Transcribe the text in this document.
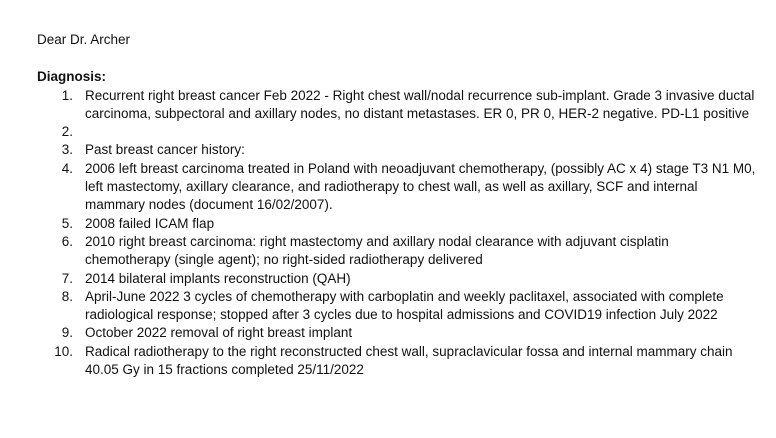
Dear Dr. Archer

Diagnosis:

1. Recurrent right breast cancer Feb 2022 - Right chest wall/nodal recurrence sub-implant. Grade 3 invasive ductal carcinoma, subpectoral and axillary nodes, no distant metastases. ER 0, PR 0, HER-2 negative. PD-L1 positive
2.

3. Past breast cancer history:
4. 2006 left breast carcinoma treated in Poland with neoadjuvant chemotherapy, (possibly AC x 4) stage T3 N1 M0, left mastectomy, axillary clearance, and radiotherapy to chest wall, as well as axillary, SCF and internal mammary nodes (document 16/02/2007).
5. 2008 failed ICAM flap
6. 2010 right breast carcinoma: right mastectomy and axillary nodal clearance with adjuvant cisplatin chemotherapy (single agent); no right-sided radiotherapy delivered
7. 2014 bilateral implants reconstruction (QAH)
8. April-June 2022 3 cycles of chemotherapy with carboplatin and weekly paclitaxel, associated with complete radiological response; stopped after 3 cycles due to hospital admissions and COVID19 infection July 2022
9. October 2022 removal of right breast implant
10. Radical radiotherapy to the right reconstructed chest wall, supraclavicular fossa and internal mammary chain 40.05 Gy in 15 fractions completed 25/11/2022
